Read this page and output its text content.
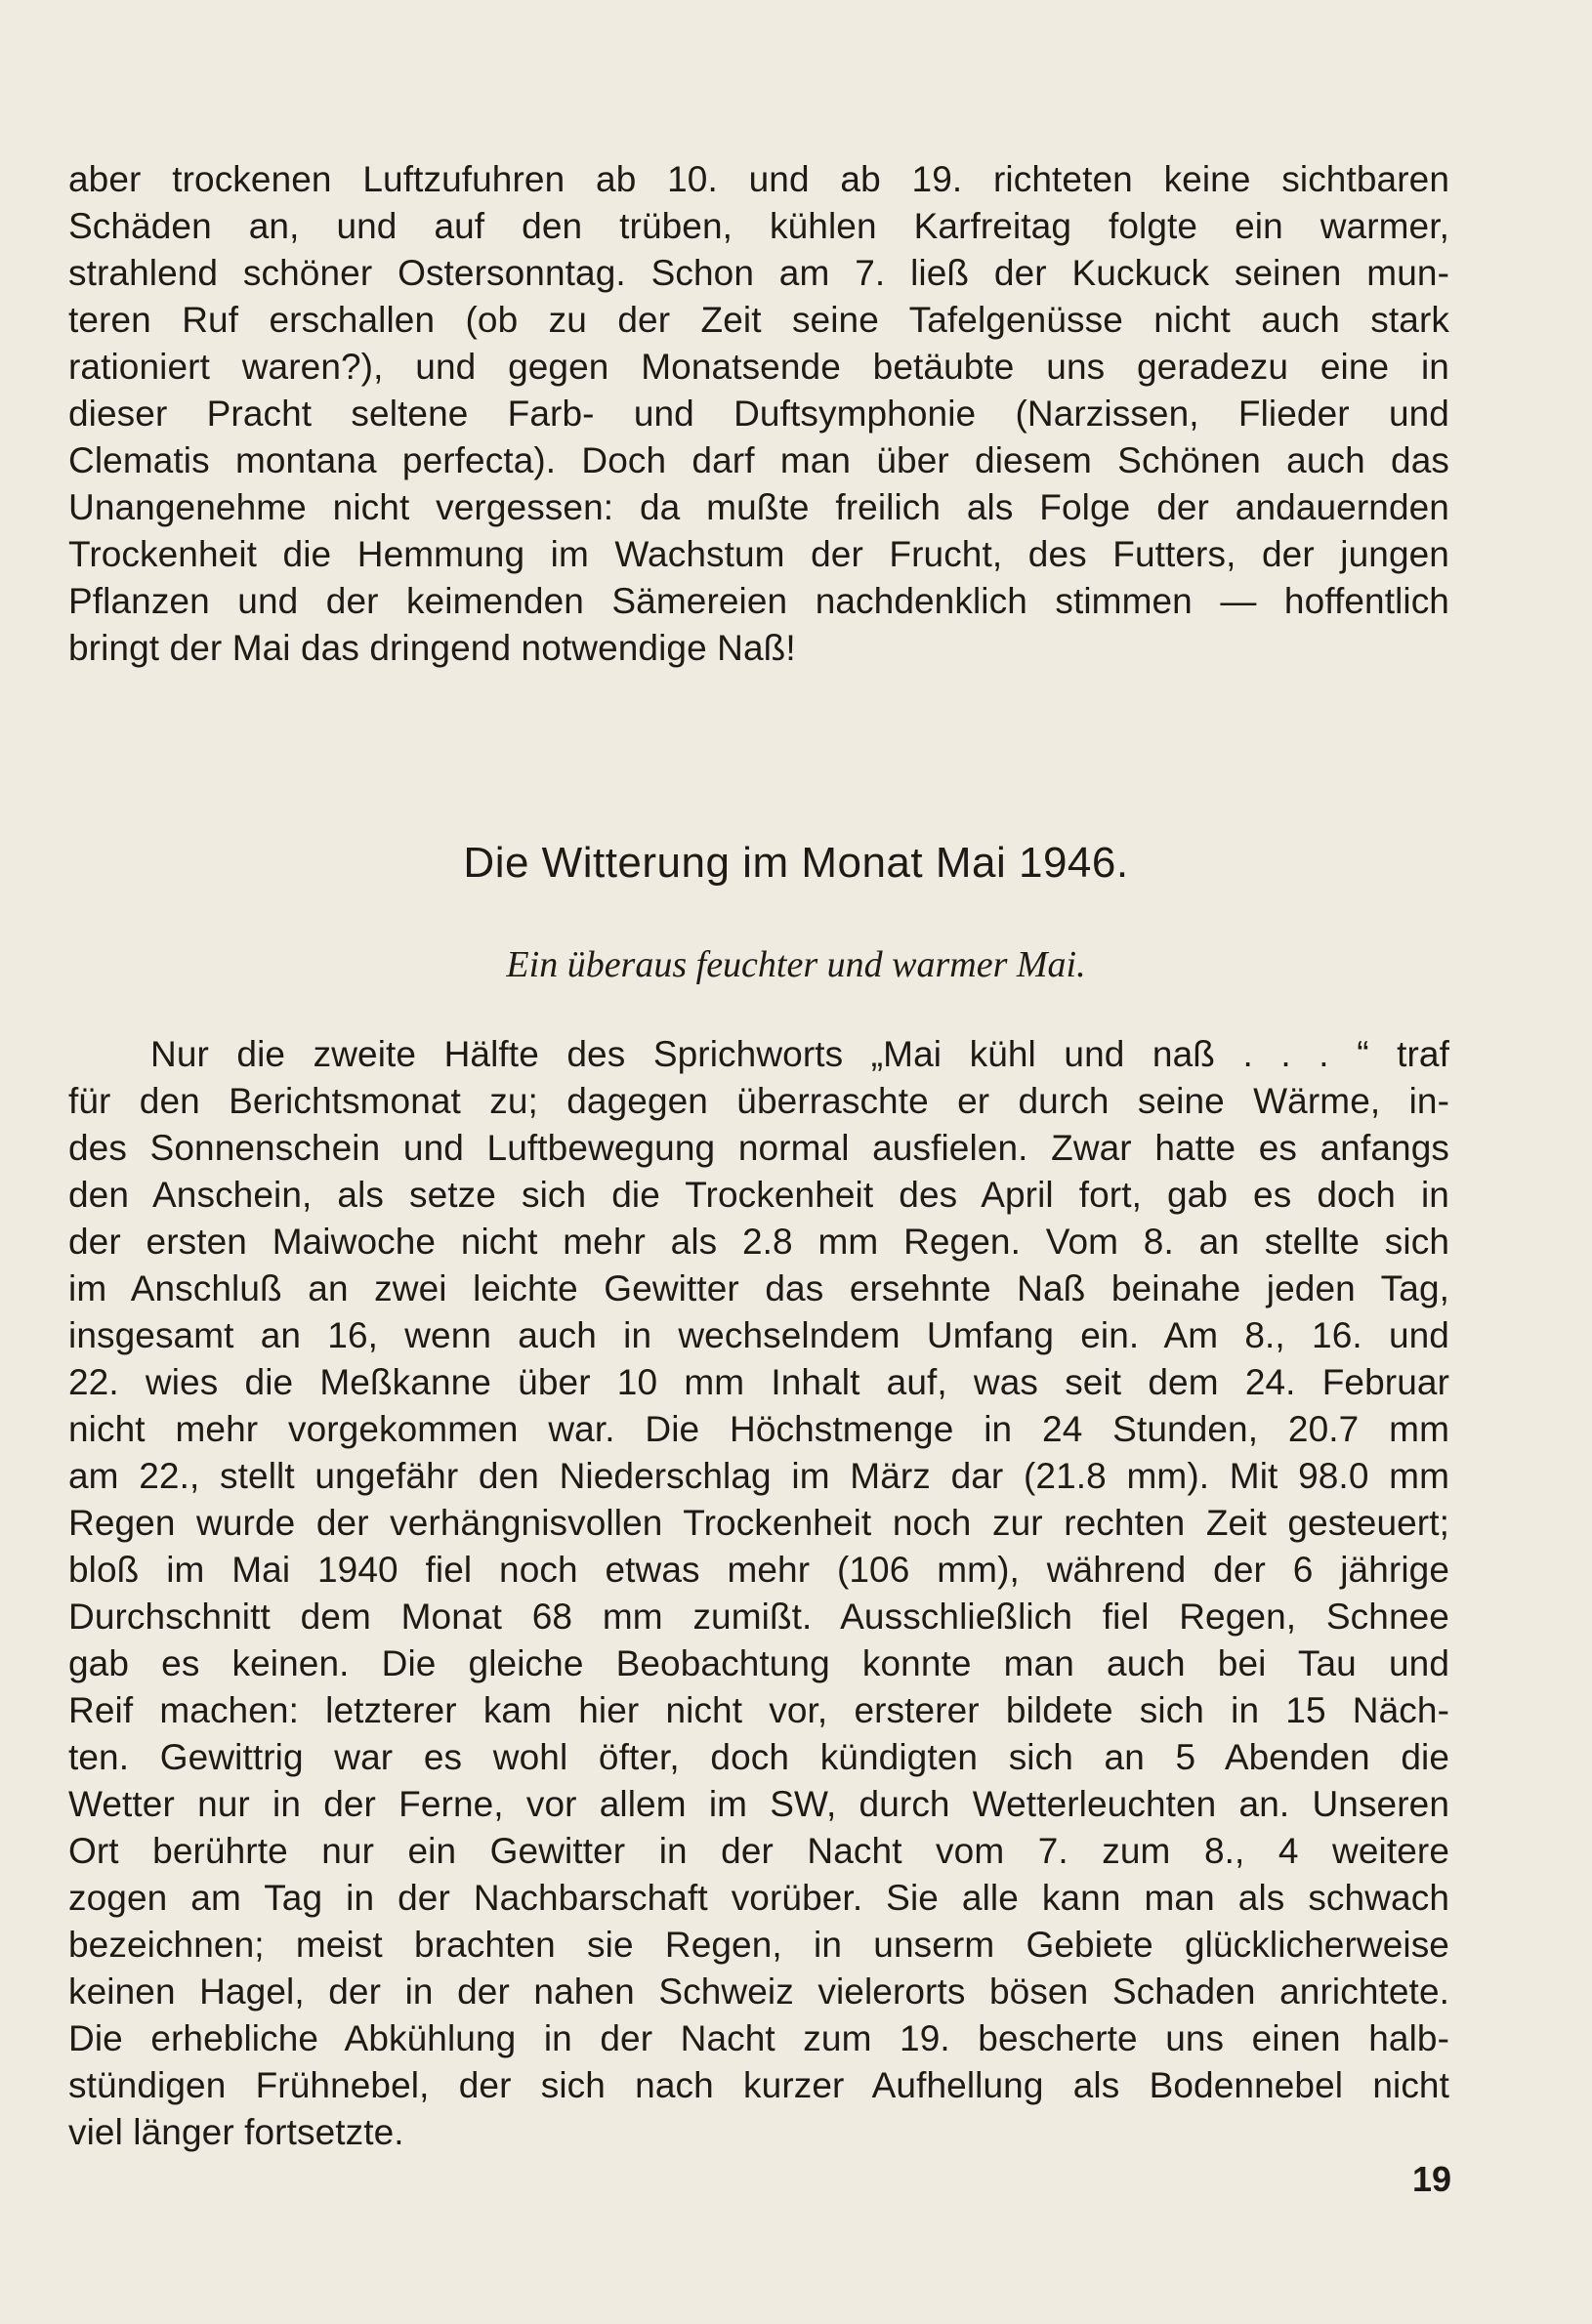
aber trockenen Luftzufuhren ab 10. und ab 19. richteten keine sichtbaren
Schäden an, und auf den trüben, kühlen Karfreitag folgte ein warmer,
strahlend schöner Ostersonntag. Schon am 7. ließ der Kuckuck seinen mun-
teren Ruf erschallen (ob zu der Zeit seine Tafelgenüsse nicht auch stark
rationiert waren?), und gegen Monatsende betäubte uns geradezu eine in
dieser Pracht seltene Farb- und Duftsymphonie (Narzissen, Flieder und
Clematis montana perfecta). Doch darf man über diesem Schönen auch das
Unangenehme nicht vergessen: da mußte freilich als Folge der andauernden
Trockenheit die Hemmung im Wachstum der Frucht, des Futters, der jungen
Pflanzen und der keimenden Sämereien nachdenklich stimmen — hoffentlich
bringt der Mai das dringend notwendige Naß!
Die Witterung im Monat Mai 1946.
Ein überaus feuchter und warmer Mai.
Nur die zweite Hälfte des Sprichworts „Mai kühl und naß . . . “ traf
für den Berichtsmonat zu; dagegen überraschte er durch seine Wärme, in-
des Sonnenschein und Luftbewegung normal ausfielen. Zwar hatte es anfangs
den Anschein, als setze sich die Trockenheit des April fort, gab es doch in
der ersten Maiwoche nicht mehr als 2.8 mm Regen. Vom 8. an stellte sich
im Anschluß an zwei leichte Gewitter das ersehnte Naß beinahe jeden Tag,
insgesamt an 16, wenn auch in wechselndem Umfang ein. Am 8., 16. und
22. wies die Meßkanne über 10 mm Inhalt auf, was seit dem 24. Februar
nicht mehr vorgekommen war. Die Höchstmenge in 24 Stunden, 20.7 mm
am 22., stellt ungefähr den Niederschlag im März dar (21.8 mm). Mit 98.0 mm
Regen wurde der verhängnisvollen Trockenheit noch zur rechten Zeit gesteuert;
bloß im Mai 1940 fiel noch etwas mehr (106 mm), während der 6 jährige
Durchschnitt dem Monat 68 mm zumißt. Ausschließlich fiel Regen, Schnee
gab es keinen. Die gleiche Beobachtung konnte man auch bei Tau und
Reif machen: letzterer kam hier nicht vor, ersterer bildete sich in 15 Näch-
ten. Gewittrig war es wohl öfter, doch kündigten sich an 5 Abenden die
Wetter nur in der Ferne, vor allem im SW, durch Wetterleuchten an. Unseren
Ort berührte nur ein Gewitter in der Nacht vom 7. zum 8., 4 weitere
zogen am Tag in der Nachbarschaft vorüber. Sie alle kann man als schwach
bezeichnen; meist brachten sie Regen, in unserm Gebiete glücklicherweise
keinen Hagel, der in der nahen Schweiz vielerorts bösen Schaden anrichtete.
Die erhebliche Abkühlung in der Nacht zum 19. bescherte uns einen halb-
stündigen Frühnebel, der sich nach kurzer Aufhellung als Bodennebel nicht
viel länger fortsetzte.
19
